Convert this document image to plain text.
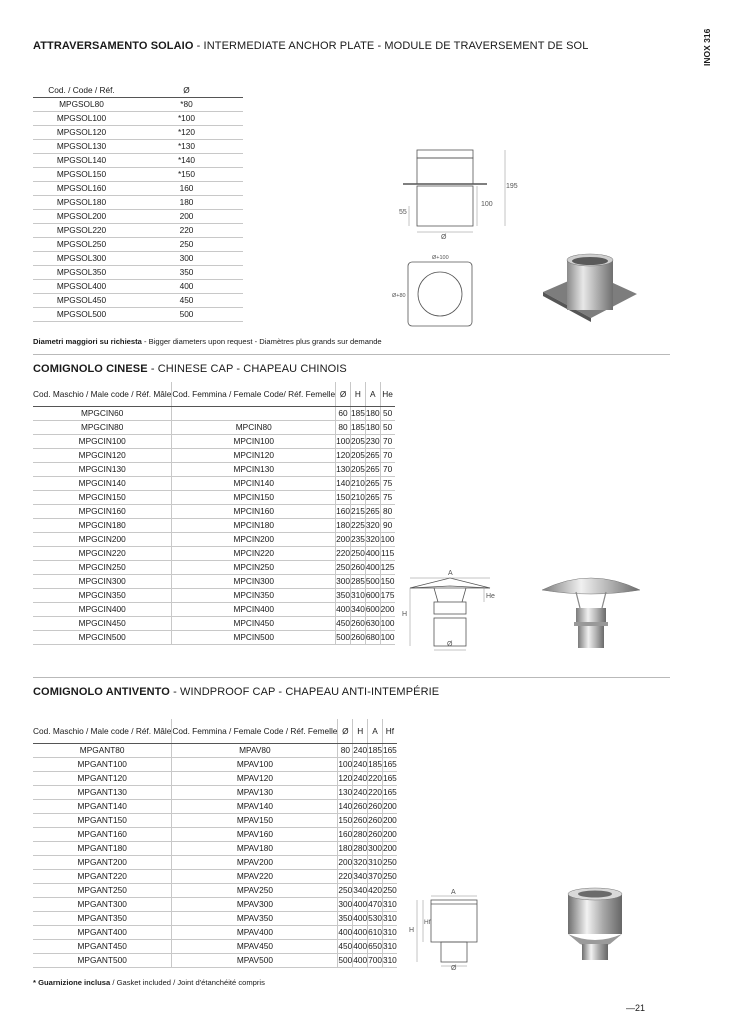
INOX 316
ATTRAVERSAMENTO SOLAIO - INTERMEDIATE ANCHOR PLATE - MODULE DE TRAVERSEMENT DE SOL
Cod. / Code / Réf.	Ø
MPGSOL80	*80
MPGSOL100	*100
MPGSOL120	*120
MPGSOL130	*130
MPGSOL140	*140
MPGSOL150	*150
MPGSOL160	160
MPGSOL180	180
MPGSOL200	200
MPGSOL220	220
MPGSOL250	250
MPGSOL300	300
MPGSOL350	350
MPGSOL400	400
MPGSOL450	450
MPGSOL500	500
195
100
55
Ø
Ø+100
Ø+80
Diametri maggiori su richiesta - Bigger diameters upon request - Diamètres plus grands sur demande
COMIGNOLO CINESE - CHINESE CAP - CHAPEAU CHINOIS
Cod. Maschio / Male code / Réf. Mâle	Cod. Femmina / Female Code/ Réf. Femelle	Ø	H	A	He
MPGCIN60		60	185	180	50
MPGCIN80	MPCIN80	80	185	180	50
MPGCIN100	MPCIN100	100	205	230	70
MPGCIN120	MPCIN120	120	205	265	70
MPGCIN130	MPCIN130	130	205	265	70
MPGCIN140	MPCIN140	140	210	265	75
MPGCIN150	MPCIN150	150	210	265	75
MPGCIN160	MPCIN160	160	215	265	80
MPGCIN180	MPCIN180	180	225	320	90
MPGCIN200	MPCIN200	200	235	320	100
MPGCIN220	MPCIN220	220	250	400	115
MPGCIN250	MPCIN250	250	260	400	125
MPGCIN300	MPCIN300	300	285	500	150
MPGCIN350	MPCIN350	350	310	600	175
MPGCIN400	MPCIN400	400	340	600	200
MPGCIN450	MPCIN450	450	260	630	100
MPGCIN500	MPCIN500	500	260	680	100
A
H
He
Ø
COMIGNOLO ANTIVENTO - WINDPROOF CAP - CHAPEAU ANTI-INTEMPÉRIE
Cod. Maschio / Male code / Réf. Mâle	Cod. Femmina / Female Code / Réf. Femelle	Ø	H	A	Hf
MPGANT80	MPAV80	80	240	185	165
MPGANT100	MPAV100	100	240	185	165
MPGANT120	MPAV120	120	240	220	165
MPGANT130	MPAV130	130	240	220	165
MPGANT140	MPAV140	140	260	260	200
MPGANT150	MPAV150	150	260	260	200
MPGANT160	MPAV160	160	280	260	200
MPGANT180	MPAV180	180	280	300	200
MPGANT200	MPAV200	200	320	310	250
MPGANT220	MPAV220	220	340	370	250
MPGANT250	MPAV250	250	340	420	250
MPGANT300	MPAV300	300	400	470	310
MPGANT350	MPAV350	350	400	530	310
MPGANT400	MPAV400	400	400	610	310
MPGANT450	MPAV450	450	400	650	310
MPGANT500	MPAV500	500	400	700	310
A
H
Hf
Ø
* Guarnizione inclusa / Gasket included / Joint d'étanchéité compris
—21
